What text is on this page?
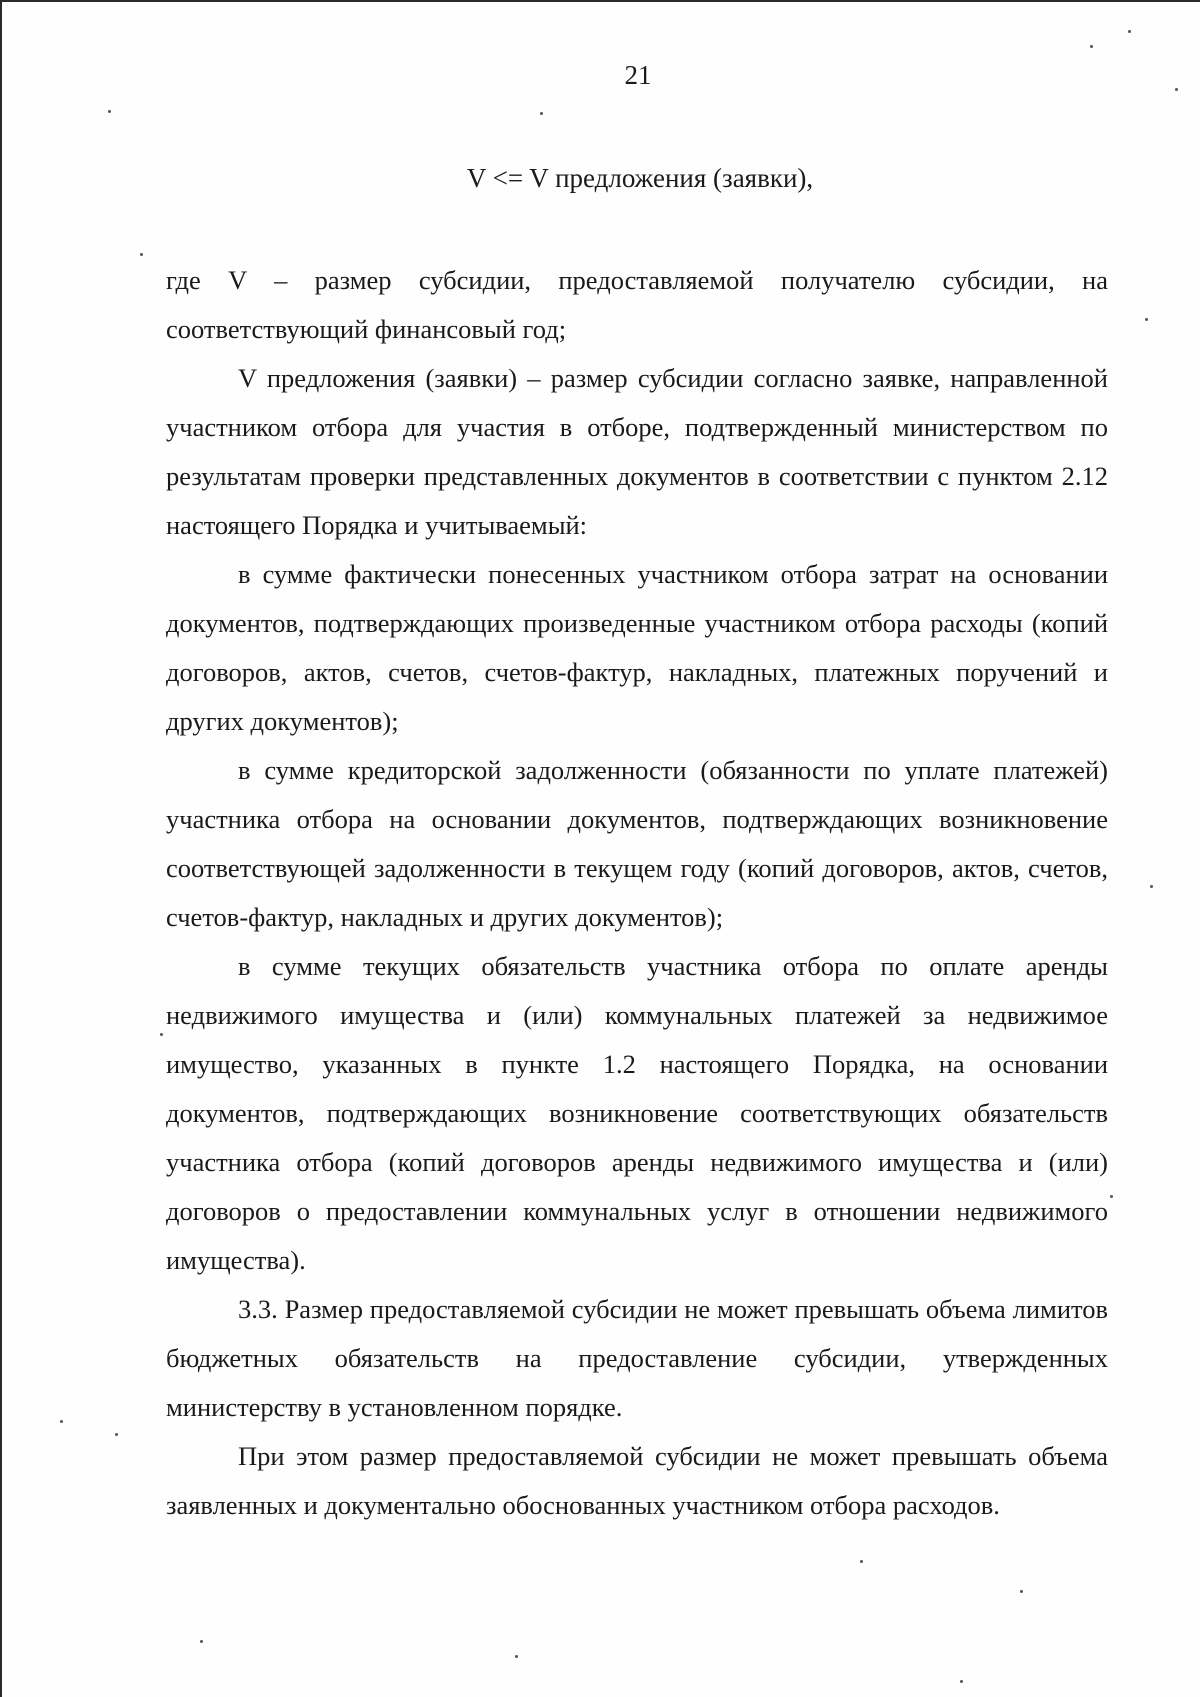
21
V <= V предложения (заявки),

где V – размер субсидии, предоставляемой получателю субсидии, на соответствующий финансовый год;

V предложения (заявки) – размер субсидии согласно заявке, направленной участником отбора для участия в отборе, подтвержденный министерством по результатам проверки представленных документов в соответствии с пунктом 2.12 настоящего Порядка и учитываемый:

в сумме фактически понесенных участником отбора затрат на основании документов, подтверждающих произведенные участником отбора расходы (копий договоров, актов, счетов, счетов-фактур, накладных, платежных поручений и других документов);

в сумме кредиторской задолженности (обязанности по уплате платежей) участника отбора на основании документов, подтверждающих возникновение соответствующей задолженности в текущем году (копий договоров, актов, счетов, счетов-фактур, накладных и других документов);

в сумме текущих обязательств участника отбора по оплате аренды недвижимого имущества и (или) коммунальных платежей за недвижимое имущество, указанных в пункте 1.2 настоящего Порядка, на основании документов, подтверждающих возникновение соответствующих обязательств участника отбора (копий договоров аренды недвижимого имущества и (или) договоров о предоставлении коммунальных услуг в отношении недвижимого имущества).

3.3. Размер предоставляемой субсидии не может превышать объема лимитов бюджетных обязательств на предоставление субсидии, утвержденных министерству в установленном порядке.

При этом размер предоставляемой субсидии не может превышать объема заявленных и документально обоснованных участником отбора расходов.
